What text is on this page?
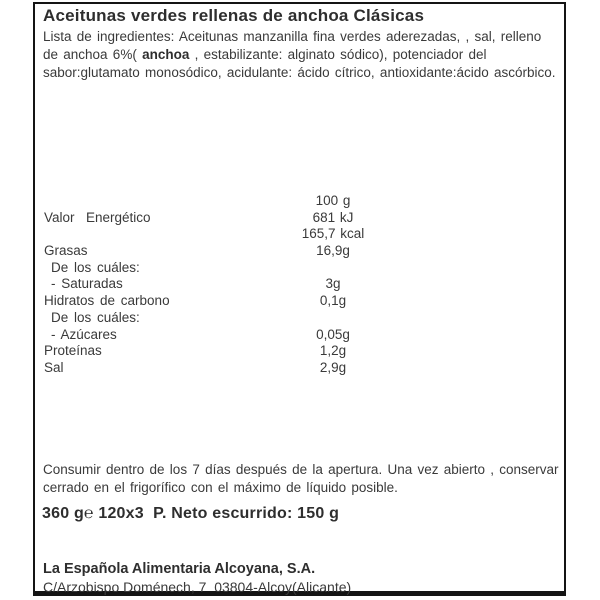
Aceitunas verdes rellenas de anchoa Clásicas

Lista de ingredientes: Aceitunas manzanilla fina verdes aderezadas, , sal, relleno de anchoa 6%( anchoa , estabilizante: alginato sódico), potenciador del sabor:glutamato monosódico, acidulante: ácido cítrico, antioxidante:ácido ascórbico.

100 g
Valor  Energético	681 kJ
165,7 kcal
Grasas	16,9g
De los cuáles:
- Saturadas	3g
Hidratos de carbono	0,1g
De los cuáles:
- Azúcares	0,05g
Proteínas	1,2g
Sal	2,9g

Consumir dentro de los 7 días después de la apertura. Una vez abierto , conservar cerrado en el frigorífico con el máximo de líquido posible.

360 g℮ 120x3  P. Neto escurrido: 150 g
La Española Alimentaria Alcoyana, S.A.
C/Arzobispo Doménech, 7  03804-Alcoy(Alicante)
